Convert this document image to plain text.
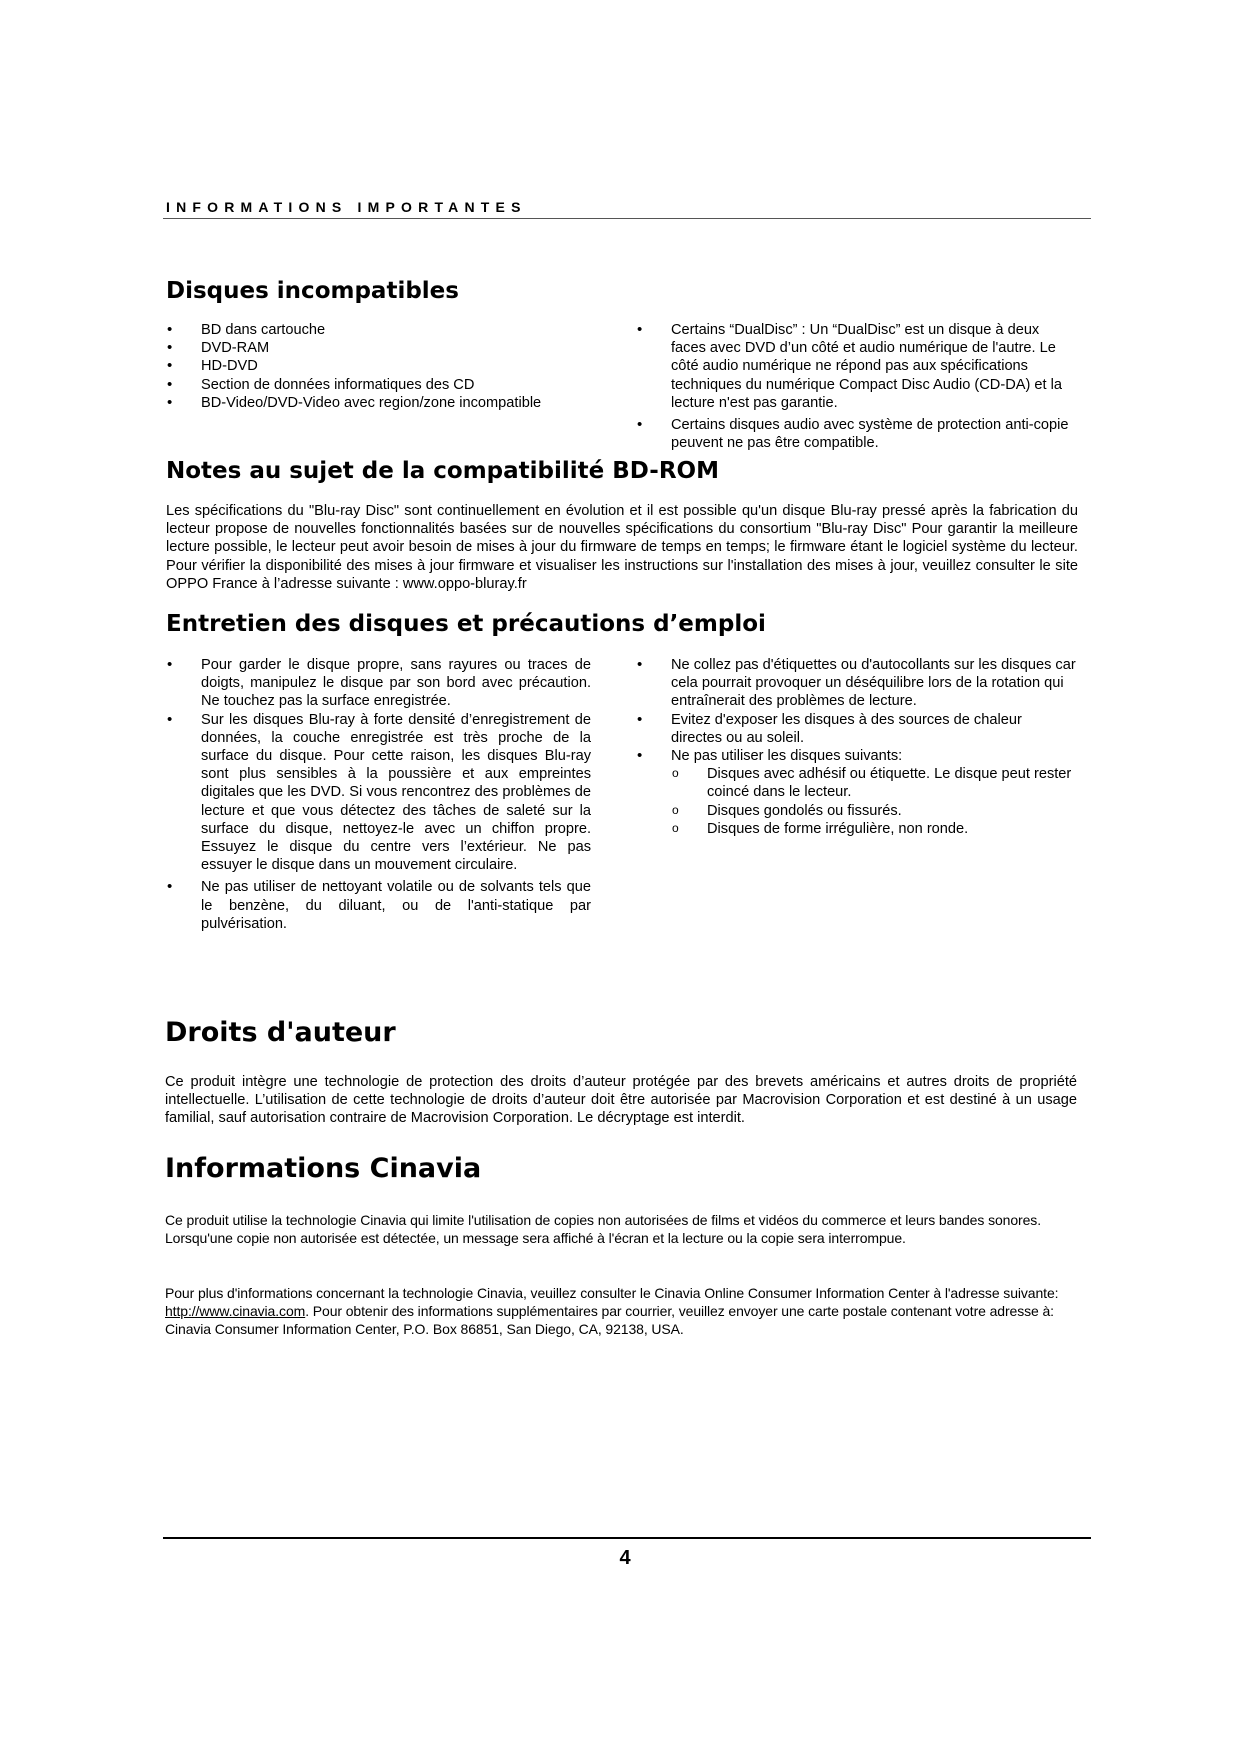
INFORMATIONS IMPORTANTES
Disques incompatibles
• BD dans cartouche
• DVD-RAM
• HD-DVD
• Section de données informatiques des CD
• BD-Video/DVD-Video avec region/zone incompatible
• Certains “DualDisc” : Un “DualDisc” est un disque à deux faces avec DVD d’un côté et audio numérique de l'autre. Le côté audio numérique ne répond pas aux spécifications techniques du numérique Compact Disc Audio (CD-DA) et la lecture n'est pas garantie.
• Certains disques audio avec système de protection anti-copie peuvent ne pas être compatible.
Notes au sujet de la compatibilité BD-ROM
Les spécifications du "Blu-ray Disc" sont continuellement en évolution et il est possible qu'un disque Blu-ray pressé après la fabrication du lecteur propose de nouvelles fonctionnalités basées sur de nouvelles spécifications du consortium "Blu-ray Disc" Pour garantir la meilleure lecture possible, le lecteur peut avoir besoin de mises à jour du firmware de temps en temps; le firmware étant le logiciel système du lecteur. Pour vérifier la disponibilité des mises à jour firmware et visualiser les instructions sur l'installation des mises à jour, veuillez consulter le site OPPO France à l’adresse suivante : www.oppo-bluray.fr
Entretien des disques et précautions d’emploi
• Pour garder le disque propre, sans rayures ou traces de doigts, manipulez le disque par son bord avec précaution. Ne touchez pas la surface enregistrée.
• Sur les disques Blu-ray à forte densité d’enregistrement de données, la couche enregistrée est très proche de la surface du disque. Pour cette raison, les disques Blu-ray sont plus sensibles à la poussière et aux empreintes digitales que les DVD. Si vous rencontrez des problèmes de lecture et que vous détectez des tâches de saleté sur la surface du disque, nettoyez-le avec un chiffon propre. Essuyez le disque du centre vers l’extérieur. Ne pas essuyer le disque dans un mouvement circulaire.
• Ne pas utiliser de nettoyant volatile ou de solvants tels que le benzène, du diluant, ou de l'anti-statique par pulvérisation.
• Ne collez pas d'étiquettes ou d'autocollants sur les disques car cela pourrait provoquer un déséquilibre lors de la rotation qui entraînerait des problèmes de lecture.
• Evitez d'exposer les disques à des sources de chaleur directes ou au soleil.
• Ne pas utiliser les disques suivants:
o Disques avec adhésif ou étiquette. Le disque peut rester coincé dans le lecteur.
o Disques gondolés ou fissurés.
o Disques de forme irrégulière, non ronde.
Droits d'auteur
Ce produit intègre une technologie de protection des droits d’auteur protégée par des brevets américains et autres droits de propriété intellectuelle. L’utilisation de cette technologie de droits d’auteur doit être autorisée par Macrovision Corporation et est destiné à un usage familial, sauf autorisation contraire de Macrovision Corporation. Le décryptage est interdit.
Informations Cinavia
Ce produit utilise la technologie Cinavia qui limite l'utilisation de copies non autorisées de films et vidéos du commerce et leurs bandes sonores. Lorsqu'une copie non autorisée est détectée, un message sera affiché à l'écran et la lecture ou la copie sera interrompue.
Pour plus d'informations concernant la technologie Cinavia, veuillez consulter le Cinavia Online Consumer Information Center à l'adresse suivante: http://www.cinavia.com. Pour obtenir des informations supplémentaires par courrier, veuillez envoyer une carte postale contenant votre adresse à: Cinavia Consumer Information Center, P.O. Box 86851, San Diego, CA, 92138, USA.
4
